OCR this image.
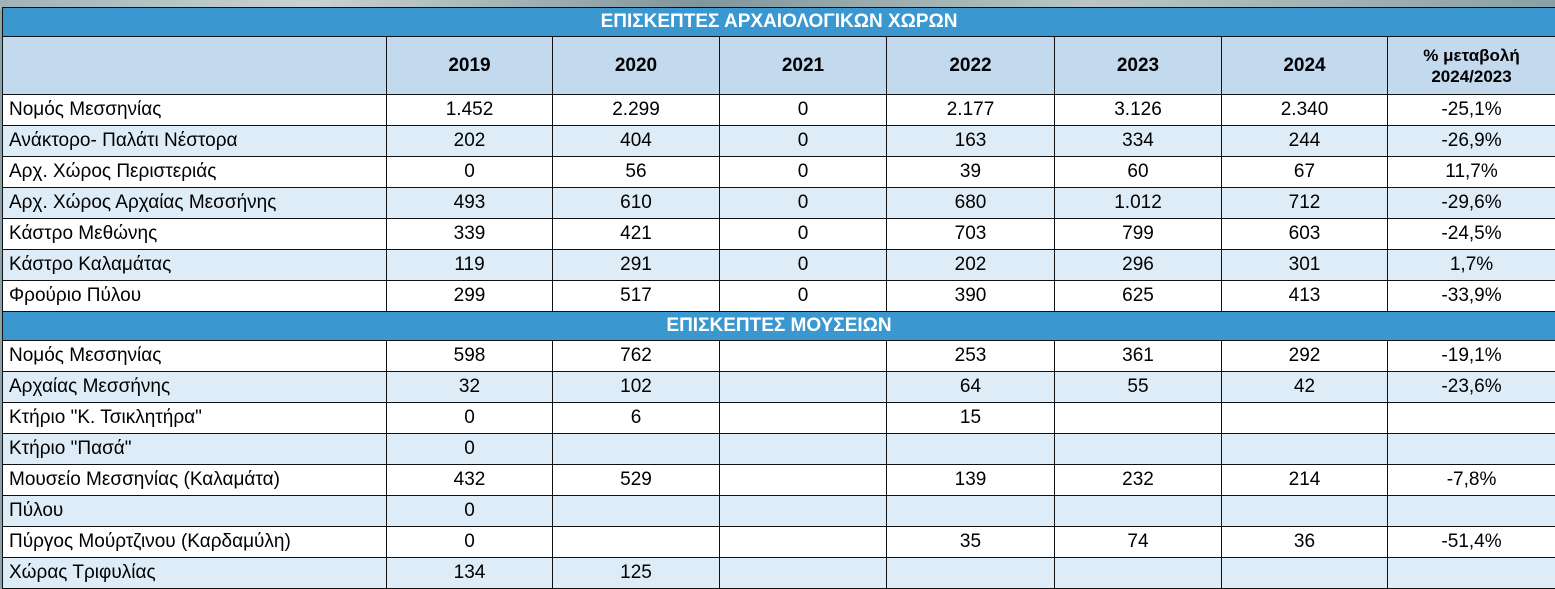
ΕΠΙΣΚΕΠΤΕΣ ΑΡΧΑΙΟΛΟΓΙΚΩΝ ΧΩΡΩΝ							
	2019	2020	2021	2022	2023	2024	% μεταβολή
2024/2023
Νομός Μεσσηνίας	1.452	2.299	0	2.177	3.126	2.340	-25,1%
Ανάκτορο- Παλάτι Νέστορα	202	404	0	163	334	244	-26,9%
Αρχ. Χώρος Περιστεριάς	0	56	0	39	60	67	11,7%
Αρχ. Χώρος Αρχαίας Μεσσήνης	493	610	0	680	1.012	712	-29,6%
Κάστρο Μεθώνης	339	421	0	703	799	603	-24,5%
Κάστρο Καλαμάτας	119	291	0	202	296	301	1,7%
Φρούριο Πύλου	299	517	0	390	625	413	-33,9%
ΕΠΙΣΚΕΠΤΕΣ ΜΟΥΣΕΙΩΝ							
Νομός Μεσσηνίας	598	762		253	361	292	-19,1%
Αρχαίας Μεσσήνης	32	102		64	55	42	-23,6%
Κτήριο "Κ. Τσικλητήρα"	0	6		15			
Κτήριο "Πασά"	0						
Μουσείο Μεσσηνίας (Καλαμάτα)	432	529		139	232	214	-7,8%
Πύλου	0						
Πύργος Μούρτζινου (Καρδαμύλη)	0			35	74	36	-51,4%
Χώρας Τριφυλίας	134	125					
